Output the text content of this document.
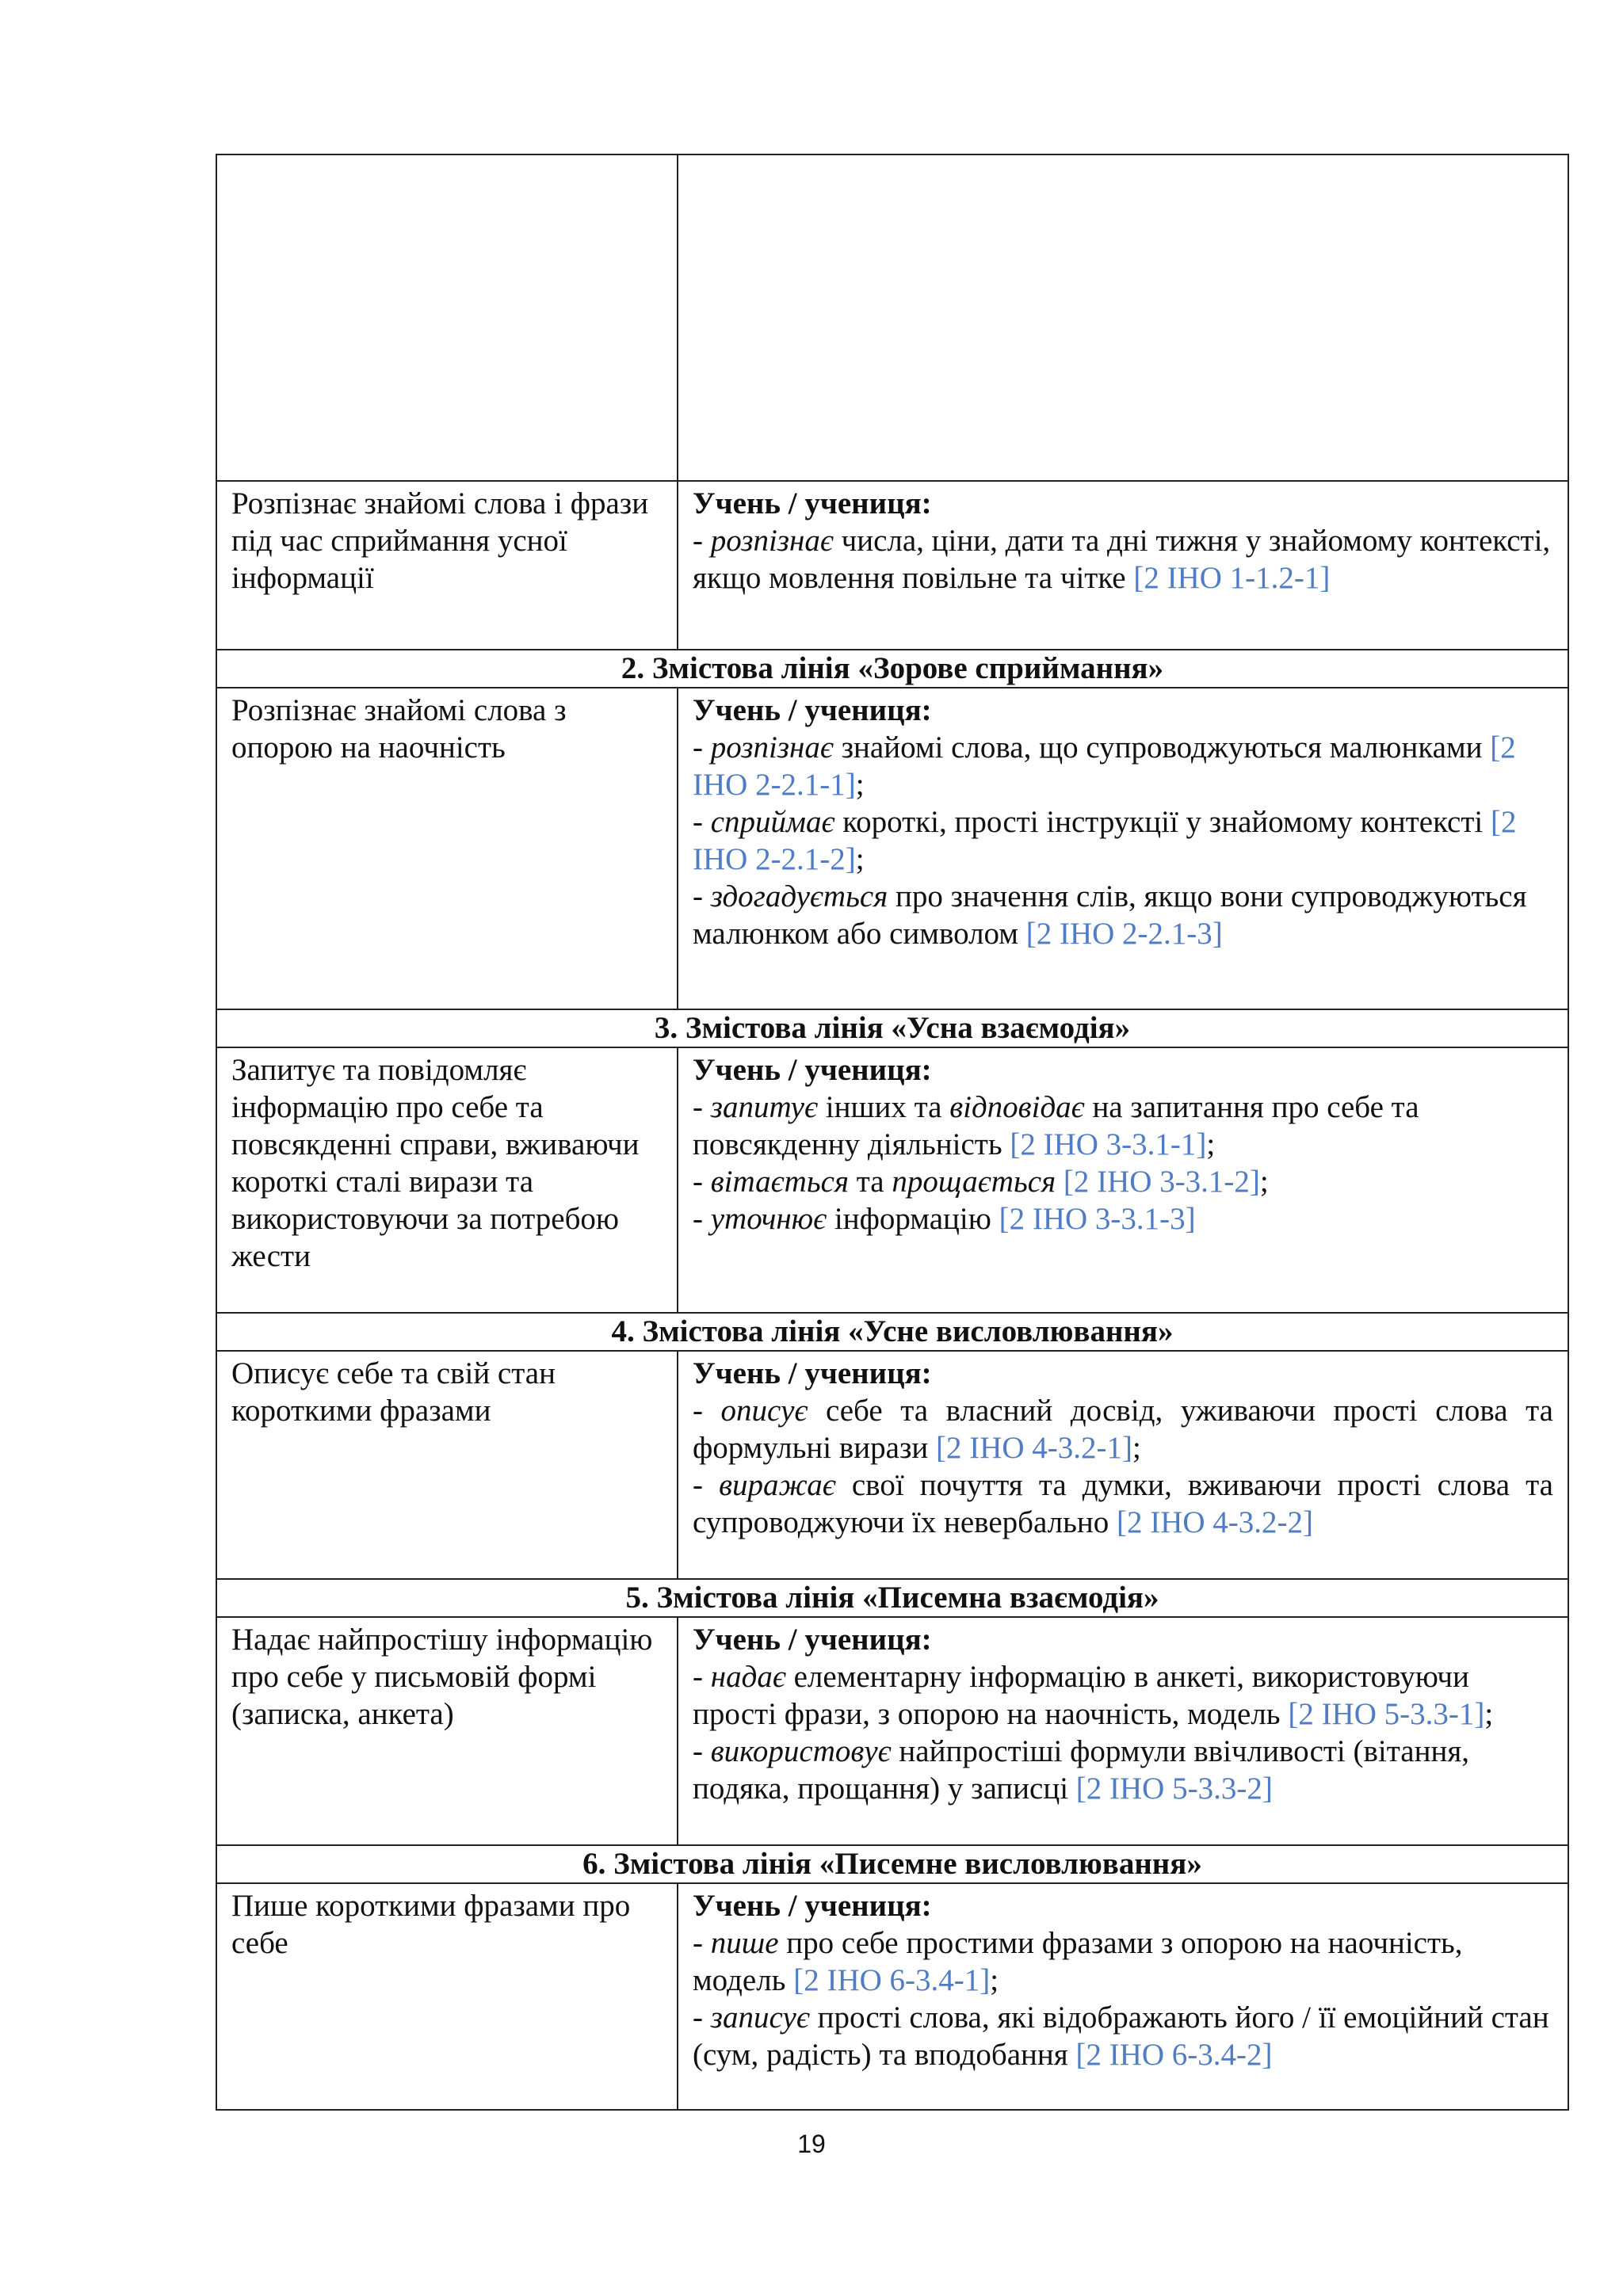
Розпізнає знайомі слова і фрази під час сприймання усної інформації	Учень / учениця:
- розпізнає числа, ціни, дати та дні тижня у знайомому контексті, якщо мовлення повільне та чітке [2 ІНО 1-1.2-1]

2. Змістова лінія «Зорове сприймання»	
Розпізнає знайомі слова з опорою на наочність	Учень / учениця:
- розпізнає знайомі слова, що супроводжуються малюнками [2 ІНО 2-2.1-1];
- сприймає короткі, прості інструкції у знайомому контексті [2 ІНО 2-2.1-2];
- здогадується про значення слів, якщо вони супроводжуються малюнком або символом [2 ІНО 2-2.1-3]

3. Змістова лінія «Усна взаємодія»	
Запитує та повідомляє інформацію про себе та повсякденні справи, вживаючи короткі сталі вирази та використовуючи за потребою жести	Учень / учениця:
- запитує інших та відповідає на запитання про себе та повсякденну діяльність [2 ІНО 3-3.1-1];
- вітається та прощається [2 ІНО 3-3.1-2];
- уточнює інформацію [2 ІНО 3-3.1-3]

4. Змістова лінія «Усне висловлювання»	
Описує себе та свій стан короткими фразами	Учень / учениця:
- описує себе та власний досвід, уживаючи прості слова та формульні вирази [2 ІНО 4-3.2-1];
- виражає свої почуття та думки, вживаючи прості слова та супроводжуючи їх невербально [2 ІНО 4-3.2-2]

5. Змістова лінія «Писемна взаємодія»	
Надає найпростішу інформацію про себе у письмовій формі (записка, анкета)	Учень / учениця:
- надає елементарну інформацію в анкеті, використовуючи прості фрази, з опорою на наочність, модель [2 ІНО 5-3.3-1];
- використовує найпростіші формули ввічливості (вітання, подяка, прощання) у записці [2 ІНО 5-3.3-2]

6. Змістова лінія «Писемне висловлювання»	
Пише короткими фразами про себе	Учень / учениця:
- пише про себе простими фразами з опорою на наочність, модель [2 ІНО 6-3.4-1];
- записує прості слова, які відображають його / її емоційний стан (сум, радість) та вподобання [2 ІНО 6-3.4-2]
19
